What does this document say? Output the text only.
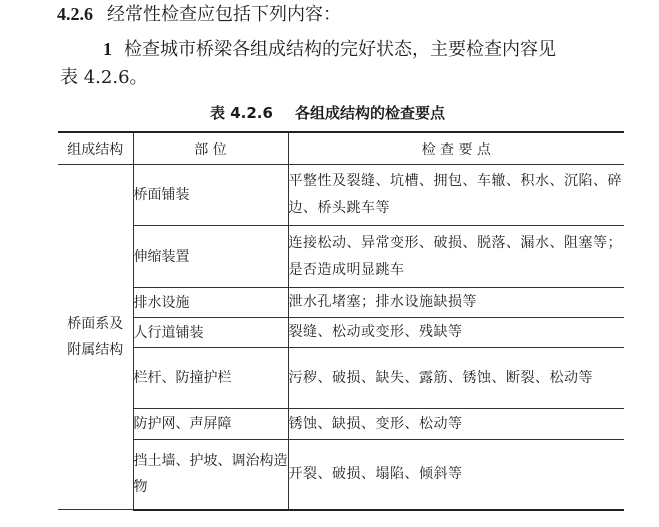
4.2.6 经常性检查应包括下列内容：
1 检查城市桥梁各组成结构的完好状态，主要检查内容见
表 4.2.6。
表 4.2.6 各组成结构的检查要点
组成结构	部 位	检 查 要 点

桥面系及
附属结构	桥面铺装	平整性及裂缝、坑槽、拥包、车辙、积水、沉陷、碎边、桥头跳车等
	伸缩装置	连接松动、异常变形、破损、脱落、漏水、阻塞等；是否造成明显跳车
	排水设施	泄水孔堵塞；排水设施缺损等
	人行道铺装	裂缝、松动或变形、残缺等
	栏杆、防撞护栏	污秽、破损、缺失、露筋、锈蚀、断裂、松动等
	防护网、声屏障	锈蚀、缺损、变形、松动等
	挡土墙、护坡、调治构造物	开裂、破损、塌陷、倾斜等
